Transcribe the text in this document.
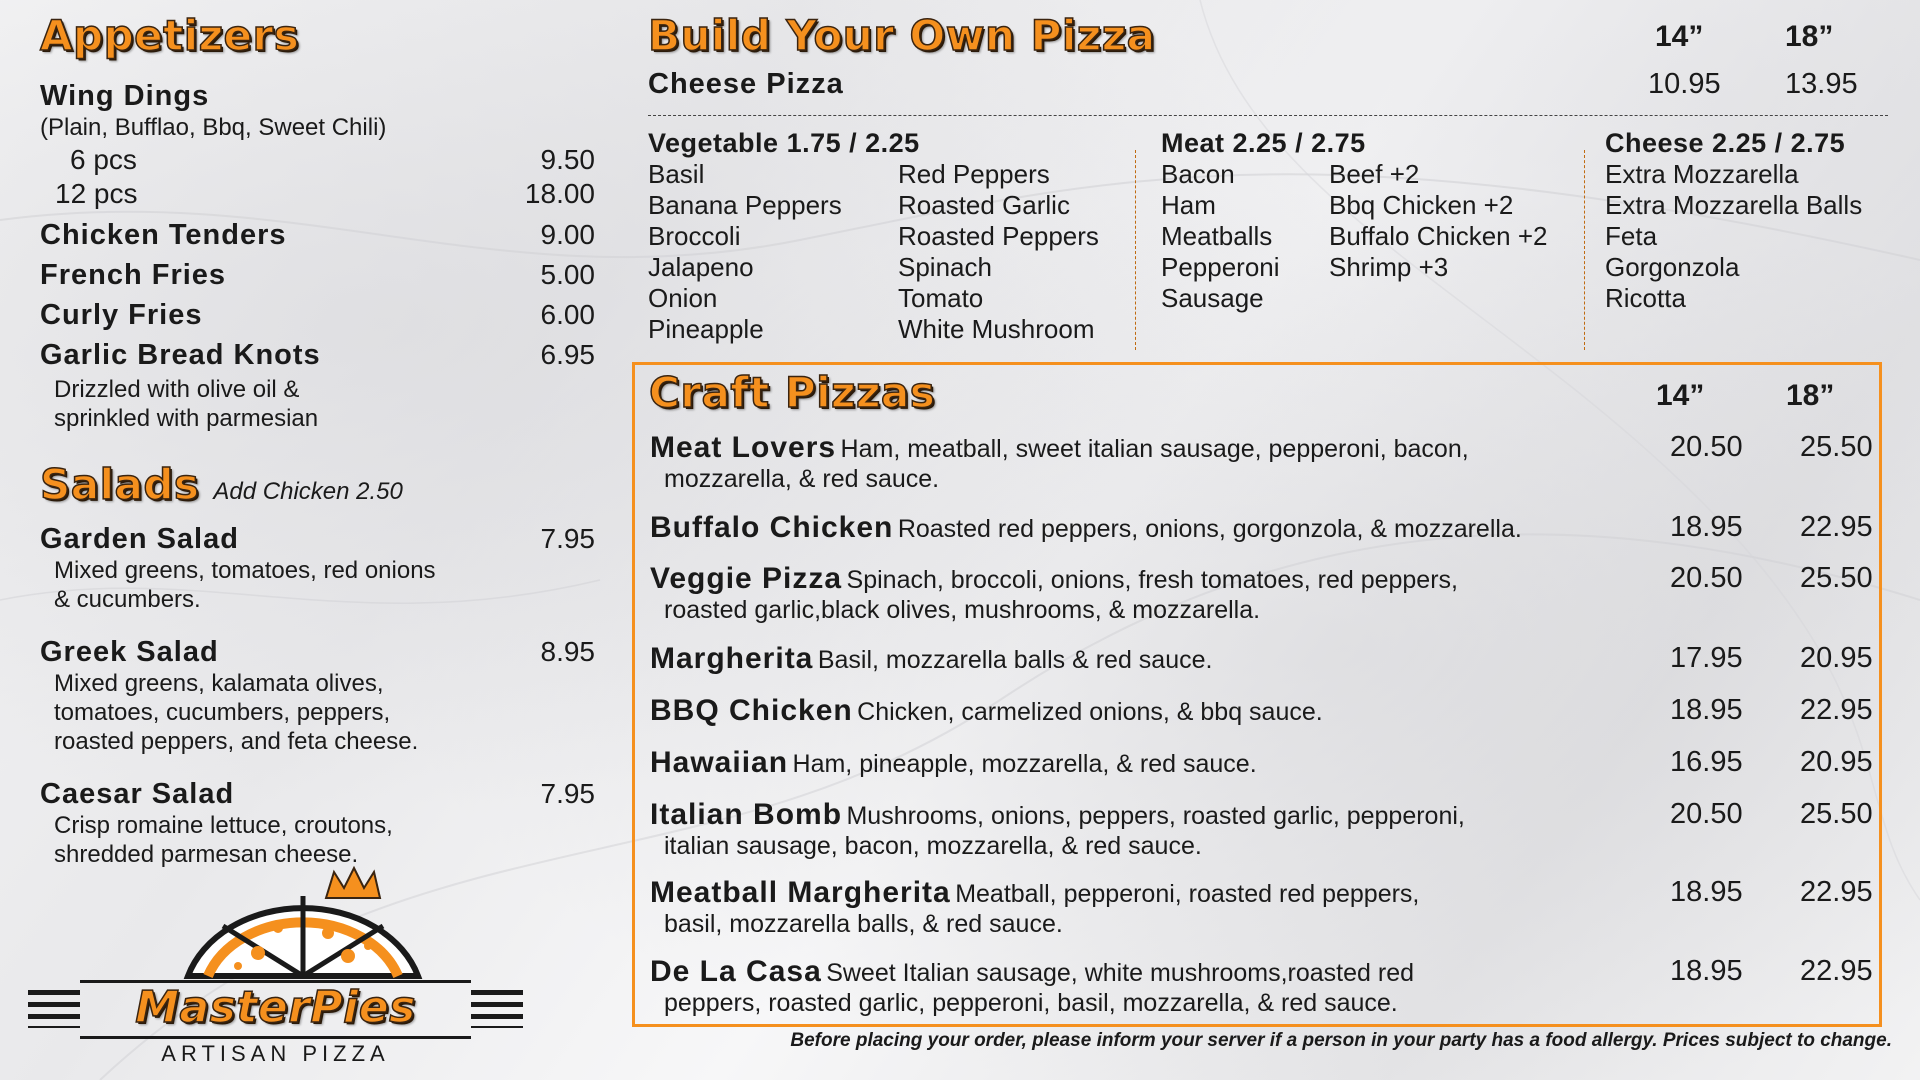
Appetizers
Wing Dings
(Plain, Bufflao, Bbq, Sweet Chili)
6 pcs	9.50
12 pcs	18.00
Chicken Tenders	9.00
French Fries	5.00
Curly Fries	6.00
Garlic Bread Knots	6.95
Drizzled with olive oil &
sprinkled with parmesian
Salads Add Chicken 2.50
Garden Salad	7.95
Mixed greens, tomatoes, red onions
& cucumbers.
Greek Salad	8.95
Mixed greens, kalamata olives,
tomatoes, cucumbers, peppers,
roasted peppers, and feta cheese.
Caesar Salad	7.95
Crisp romaine lettuce, croutons,
shredded parmesan cheese.
MasterPies
ARTISAN PIZZA
Build Your Own Pizza	14”	18”
Cheese Pizza	10.95 13.95
Vegetable 1.75 / 2.25
Basil
Banana Peppers
Broccoli
Jalapeno
Onion
Pineapple
Red Peppers
Roasted Garlic
Roasted Peppers
Spinach
Tomato
White Mushroom
Meat 2.25 / 2.75
Bacon
Ham
Meatballs
Pepperoni
Sausage
Beef +2
Bbq Chicken +2
Buffalo Chicken +2
Shrimp +3
Cheese 2.25 / 2.75
Extra Mozzarella
Extra Mozzarella Balls
Feta
Gorgonzola
Ricotta
Craft Pizzas	14”	18”
Meat Lovers Ham, meatball, sweet italian sausage, pepperoni, bacon,
mozzarella, & red sauce.
20.50 25.50
Buffalo Chicken Roasted red peppers, onions, gorgonzola, & mozzarella.	18.95 22.95
Veggie Pizza Spinach, broccoli, onions, fresh tomatoes, red peppers,
roasted garlic,black olives, mushrooms, & mozzarella.
20.50 25.50
Margherita Basil, mozzarella balls & red sauce.	17.95 20.95
BBQ Chicken Chicken, carmelized onions, & bbq sauce.	18.95 22.95
Hawaiian Ham, pineapple, mozzarella, & red sauce.	16.95 20.95
Italian Bomb Mushrooms, onions, peppers, roasted garlic, pepperoni,
italian sausage, bacon, mozzarella, & red sauce.
20.50 25.50
Meatball Margherita Meatball, pepperoni, roasted red peppers,
basil, mozzarella balls, & red sauce.
18.95 22.95
De La Casa Sweet Italian sausage, white mushrooms,roasted red
peppers, roasted garlic, pepperoni, basil, mozzarella, & red sauce.
18.95 22.95
Before placing your order, please inform your server if a person in your party has a food allergy. Prices subject to change.
